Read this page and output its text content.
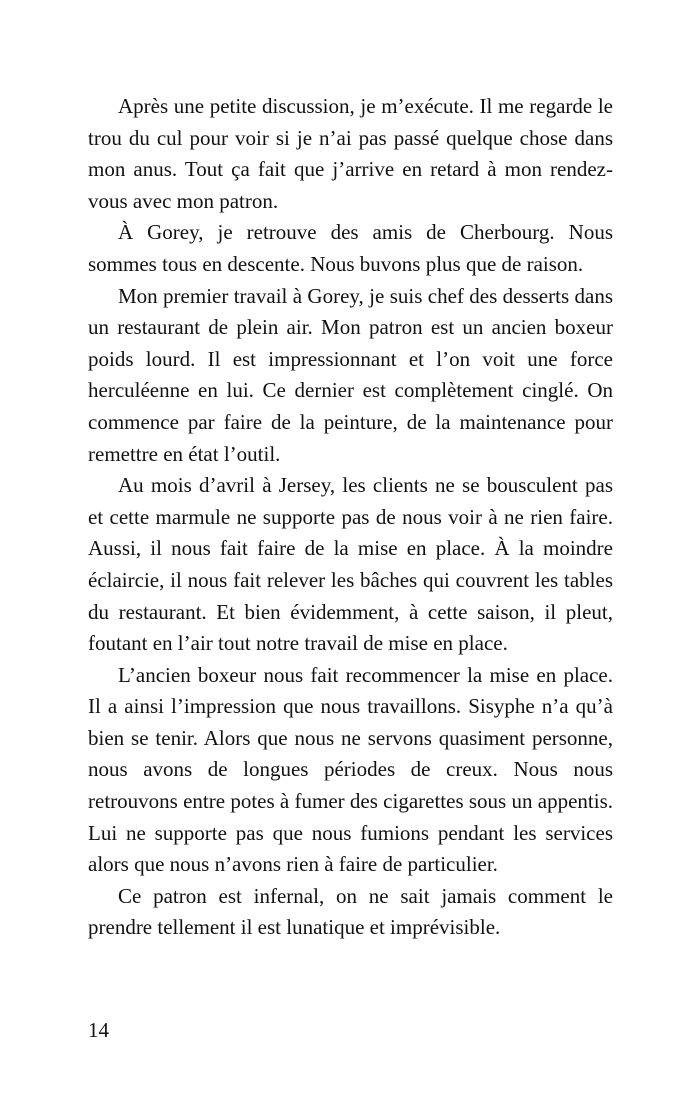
Après une petite discussion, je m’exécute. Il me regarde le trou du cul pour voir si je n’ai pas passé quelque chose dans mon anus. Tout ça fait que j’arrive en retard à mon rendez-vous avec mon patron.

À Gorey, je retrouve des amis de Cherbourg. Nous sommes tous en descente. Nous buvons plus que de raison.

Mon premier travail à Gorey, je suis chef des desserts dans un restaurant de plein air. Mon patron est un ancien boxeur poids lourd. Il est impressionnant et l’on voit une force herculéenne en lui. Ce dernier est complètement cinglé. On commence par faire de la peinture, de la maintenance pour remettre en état l’outil.

Au mois d’avril à Jersey, les clients ne se bousculent pas et cette marmule ne supporte pas de nous voir à ne rien faire. Aussi, il nous fait faire de la mise en place. À la moindre éclaircie, il nous fait relever les bâches qui couvrent les tables du restaurant. Et bien évidemment, à cette saison, il pleut, foutant en l’air tout notre travail de mise en place.

L’ancien boxeur nous fait recommencer la mise en place. Il a ainsi l’impression que nous travaillons. Sisyphe n’a qu’à bien se tenir. Alors que nous ne servons quasiment personne, nous avons de longues périodes de creux. Nous nous retrouvons entre potes à fumer des cigarettes sous un appentis. Lui ne supporte pas que nous fumions pendant les services alors que nous n’avons rien à faire de particulier.

Ce patron est infernal, on ne sait jamais comment le prendre tellement il est lunatique et imprévisible.

14
